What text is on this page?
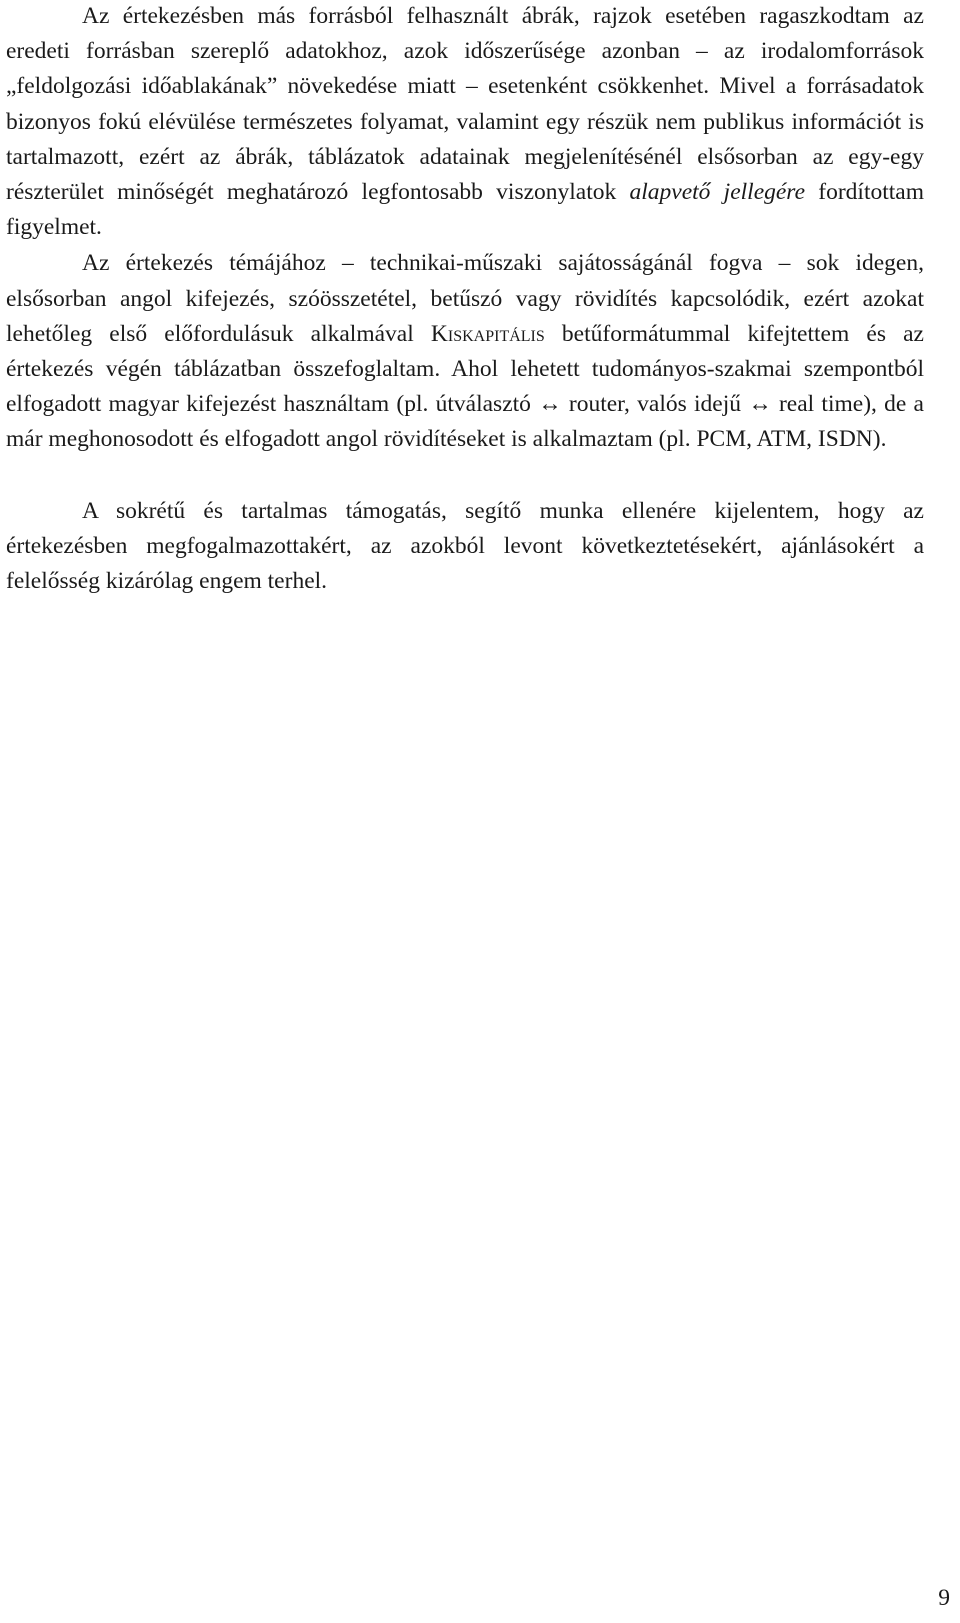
Az értekezésben más forrásból felhasznált ábrák, rajzok esetében ragaszkodtam az eredeti forrásban szereplő adatokhoz, azok időszerűsége azonban – az irodalomforrások „feldolgozási időablakának” növekedése miatt – esetenként csökkenhet. Mivel a forrásadatok bizonyos fokú elévülése természetes folyamat, valamint egy részük nem publikus információt is tartalmazott, ezért az ábrák, táblázatok adatainak megjelenítésénél elsősorban az egy-egy részterület minőségét meghatározó legfontosabb viszonylatok alapvető jellegére fordítottam figyelmet.

Az értekezés témájához – technikai-műszaki sajátosságánál fogva – sok idegen, elsősorban angol kifejezés, szóösszetétel, betűszó vagy rövidítés kapcsolódik, ezért azokat lehetőleg első előfordulásuk alkalmával Kiskapitális betűformátummal kifejtettem és az értekezés végén táblázatban összefoglaltam. Ahol lehetett tudományos-szakmai szempontból elfogadott magyar kifejezést használtam (pl. útválasztó ↔ router, valós idejű ↔ real time), de a már meghonosodott és elfogadott angol rövidítéseket is alkalmaztam (pl. PCM, ATM, ISDN).

A sokrétű és tartalmas támogatás, segítő munka ellenére kijelentem, hogy az értekezésben megfogalmazottakért, az azokból levont következtetésekért, ajánlásokért a felelősség kizárólag engem terhel.

9
